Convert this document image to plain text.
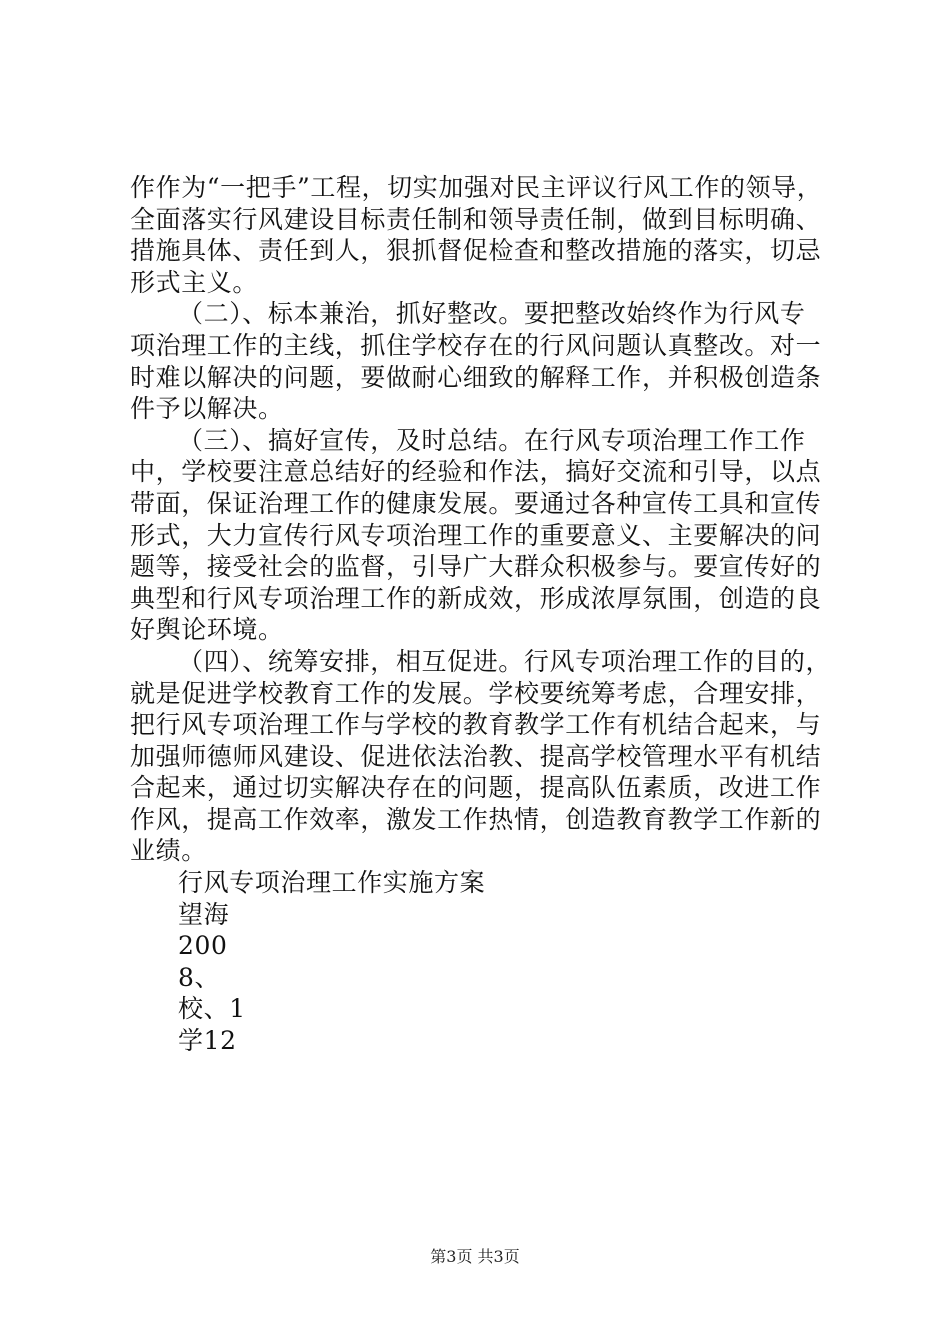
作作为“一把手”工程，切实加强对民主评议行风工作的领导，
全面落实行风建设目标责任制和领导责任制，做到目标明确、
措施具体、责任到人，狠抓督促检查和整改措施的落实，切忌
形式主义。
（二）、标本兼治，抓好整改。要把整改始终作为行风专
项治理工作的主线，抓住学校存在的行风问题认真整改。对一
时难以解决的问题，要做耐心细致的解释工作，并积极创造条
件予以解决。
（三）、搞好宣传，及时总结。在行风专项治理工作工作
中，学校要注意总结好的经验和作法，搞好交流和引导，以点
带面，保证治理工作的健康发展。要通过各种宣传工具和宣传
形式，大力宣传行风专项治理工作的重要意义、主要解决的问
题等，接受社会的监督，引导广大群众积极参与。要宣传好的
典型和行风专项治理工作的新成效，形成浓厚氛围，创造的良
好舆论环境。
（四）、统筹安排，相互促进。行风专项治理工作的目的，
就是促进学校教育工作的发展。学校要统筹考虑，合理安排，
把行风专项治理工作与学校的教育教学工作有机结合起来，与
加强师德师风建设、促进依法治教、提高学校管理水平有机结
合起来，通过切实解决存在的问题，提高队伍素质，改进工作
作风，提高工作效率，激发工作热情，创造教育教学工作新的
业绩。
行风专项治理工作实施方案
望海
200
8、
校、1
学12
第3页 共3页
